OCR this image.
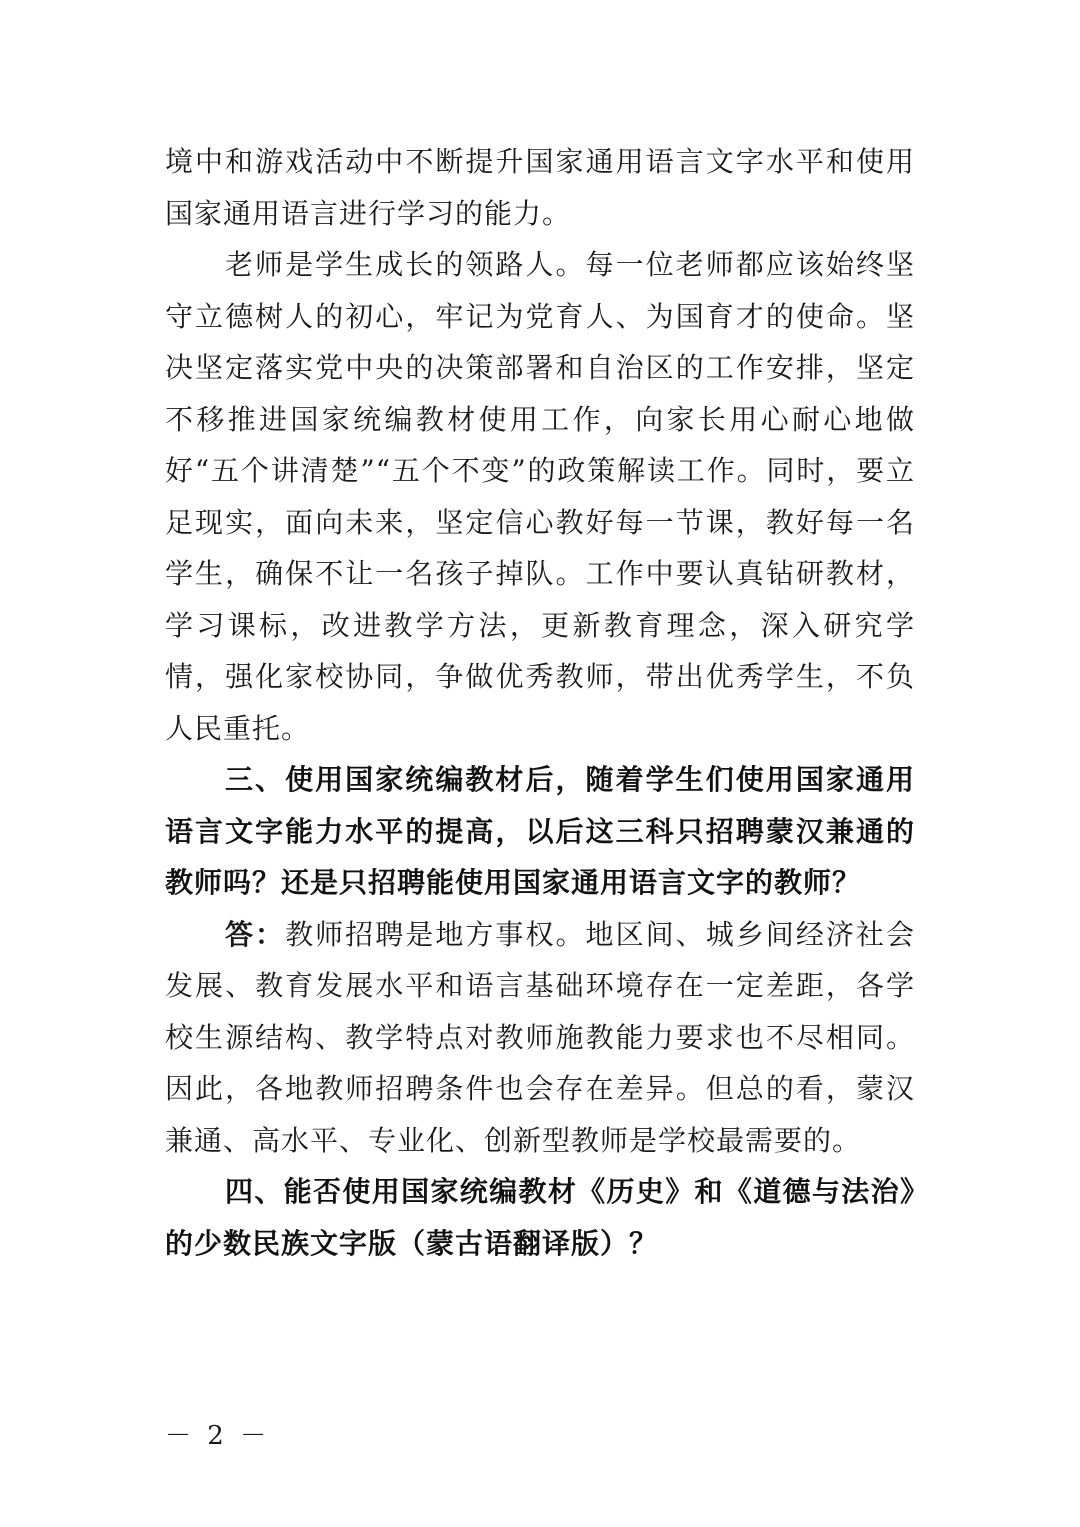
境中和游戏活动中不断提升国家通用语言文字水平和使用国家通用语言进行学习的能力。

老师是学生成长的领路人。每一位老师都应该始终坚守立德树人的初心，牢记为党育人、为国育才的使命。坚决坚定落实党中央的决策部署和自治区的工作安排，坚定不移推进国家统编教材使用工作，向家长用心耐心地做好“五个讲清楚”“五个不变”的政策解读工作。同时，要立足现实，面向未来，坚定信心教好每一节课，教好每一名学生，确保不让一名孩子掉队。工作中要认真钻研教材，学习课标，改进教学方法，更新教育理念，深入研究学情，强化家校协同，争做优秀教师，带出优秀学生，不负人民重托。

三、使用国家统编教材后，随着学生们使用国家通用语言文字能力水平的提高，以后这三科只招聘蒙汉兼通的教师吗？还是只招聘能使用国家通用语言文字的教师？

答：教师招聘是地方事权。地区间、城乡间经济社会发展、教育发展水平和语言基础环境存在一定差距，各学校生源结构、教学特点对教师施教能力要求也不尽相同。因此，各地教师招聘条件也会存在差异。但总的看，蒙汉兼通、高水平、专业化、创新型教师是学校最需要的。

四、能否使用国家统编教材《历史》和《道德与法治》的少数民族文字版（蒙古语翻译版）？

－ 2 －
